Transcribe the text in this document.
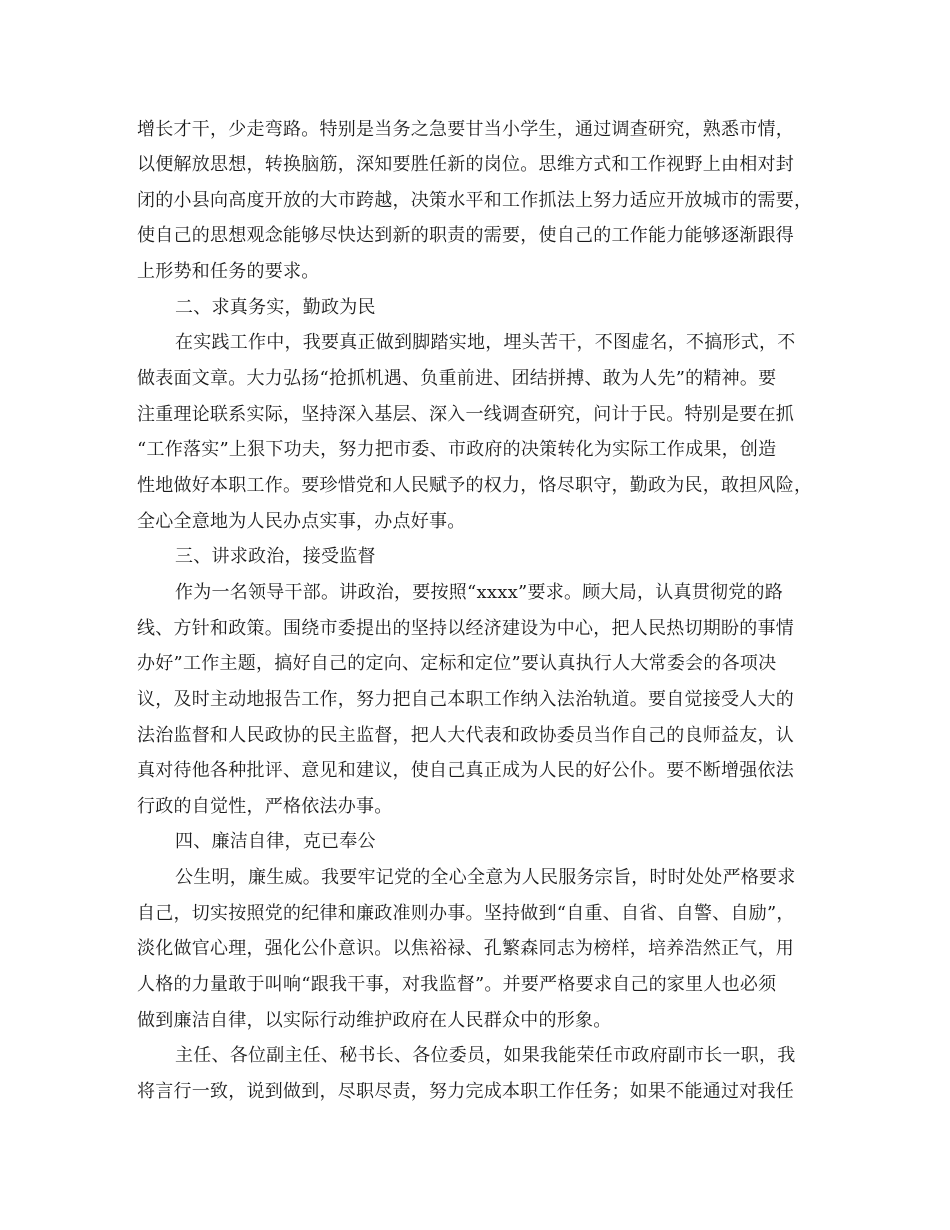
增长才干，少走弯路。特别是当务之急要甘当小学生，通过调查研究，熟悉市情，
以便解放思想，转换脑筋，深知要胜任新的岗位。思维方式和工作视野上由相对封
闭的小县向高度开放的大市跨越，决策水平和工作抓法上努力适应开放城市的需要，
使自己的思想观念能够尽快达到新的职责的需要，使自己的工作能力能够逐渐跟得
上形势和任务的要求。
二、求真务实，勤政为民
在实践工作中，我要真正做到脚踏实地，埋头苦干，不图虚名，不搞形式，不
做表面文章。大力弘扬“抢抓机遇、负重前进、团结拼搏、敢为人先”的精神。要
注重理论联系实际，坚持深入基层、深入一线调查研究，问计于民。特别是要在抓
“工作落实”上狠下功夫，努力把市委、市政府的决策转化为实际工作成果，创造
性地做好本职工作。要珍惜党和人民赋予的权力，恪尽职守，勤政为民，敢担风险，
全心全意地为人民办点实事，办点好事。
三、讲求政治，接受监督
作为一名领导干部。讲政治，要按照“xxxx”要求。顾大局，认真贯彻党的路
线、方针和政策。围绕市委提出的坚持以经济建设为中心，把人民热切期盼的事情
办好”工作主题，搞好自己的定向、定标和定位”要认真执行人大常委会的各项决
议，及时主动地报告工作，努力把自己本职工作纳入法治轨道。要自觉接受人大的
法治监督和人民政协的民主监督，把人大代表和政协委员当作自己的良师益友，认
真对待他各种批评、意见和建议，使自己真正成为人民的好公仆。要不断增强依法
行政的自觉性，严格依法办事。
四、廉洁自律，克已奉公
公生明，廉生威。我要牢记党的全心全意为人民服务宗旨，时时处处严格要求
自己，切实按照党的纪律和廉政准则办事。坚持做到“自重、自省、自警、自励”，
淡化做官心理，强化公仆意识。以焦裕禄、孔繁森同志为榜样，培养浩然正气，用
人格的力量敢于叫响“跟我干事，对我监督”。并要严格要求自己的家里人也必须
做到廉洁自律，以实际行动维护政府在人民群众中的形象。
主任、各位副主任、秘书长、各位委员，如果我能荣任市政府副市长一职，我
将言行一致，说到做到，尽职尽责，努力完成本职工作任务；如果不能通过对我任
